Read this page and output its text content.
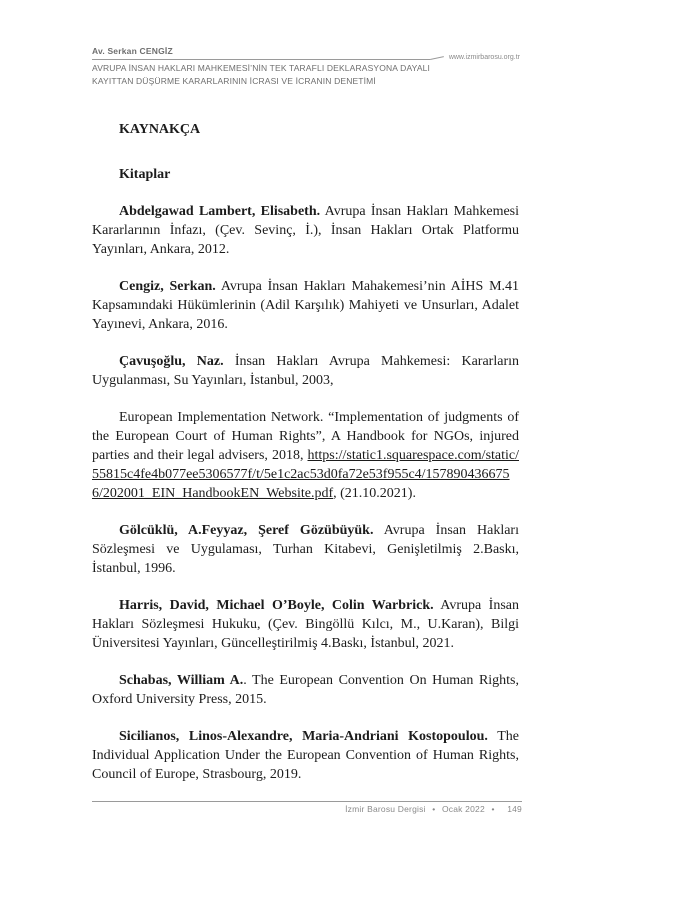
Av. Serkan CENGİZ
www.izmirbarosu.org.tr
AVRUPA İNSAN HAKLARI MAHKEMESİ’NİN TEK TARAFLI DEKLARASYONA DAYALI KAYITTAN DÜŞÜRME KARARLARININ İCRASI VE İCRANIN DENETİMİ

KAYNAKÇA

Kitaplar

Abdelgawad Lambert, Elisabeth. Avrupa İnsan Hakları Mahkemesi Kararlarının İnfazı, (Çev. Sevinç, İ.), İnsan Hakları Ortak Platformu Yayınları, Ankara, 2012.

Cengiz, Serkan. Avrupa İnsan Hakları Mahakemesi’nin AİHS M.41 Kapsamındaki Hükümlerinin (Adil Karşılık) Mahiyeti ve Unsurları, Adalet Yayınevi, Ankara, 2016.

Çavuşoğlu, Naz. İnsan Hakları Avrupa Mahkemesi: Kararların Uygulanması, Su Yayınları, İstanbul, 2003,

European Implementation Network. “Implementation of judgments of the European Court of Human Rights”, A Handbook for NGOs, injured parties and their legal advisers, 2018, https://static1.squarespace.com/static/55815c4fe4b077ee5306577f/t/5e1c2ac53d0fa72e53f955c4/1578904366756/202001_EIN_HandbookEN_Website.pdf, (21.10.2021).

Gölcüklü, A.Feyyaz, Şeref Gözübüyük. Avrupa İnsan Hakları Sözleşmesi ve Uygulaması, Turhan Kitabevi, Genişletilmiş 2.Baskı, İstanbul, 1996.

Harris, David, Michael O’Boyle, Colin Warbrick. Avrupa İnsan Hakları Sözleşmesi Hukuku, (Çev. Bingöllü Kılcı, M., U.Karan), Bilgi Üniversitesi Yayınları, Güncelleştirilmiş 4.Baskı, İstanbul, 2021.

Schabas, William A.. The European Convention On Human Rights, Oxford University Press, 2015.

Sicilianos, Linos-Alexandre, Maria-Andriani Kostopoulou. The Individual Application Under the European Convention of Human Rights, Council of Europe, Strasbourg, 2019.

İzmir Barosu Dergisi • Ocak 2022 • 149
